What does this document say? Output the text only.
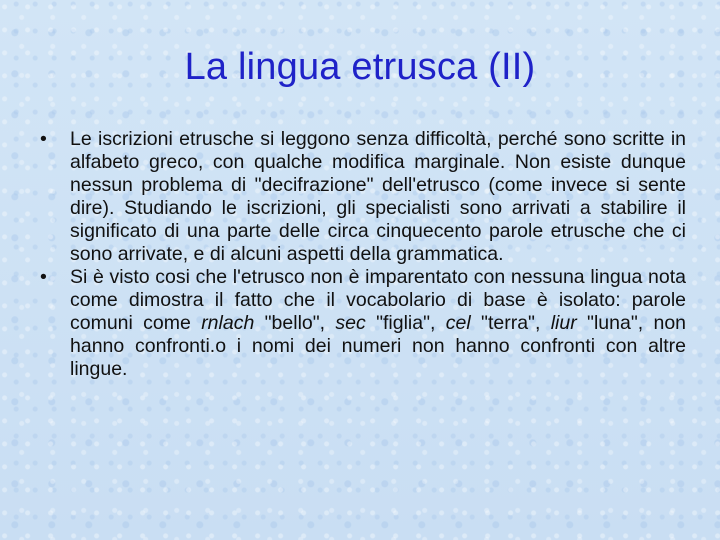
La lingua etrusca (II)

• Le iscrizioni etrusche si leggono senza difficoltà, perché sono scritte in alfabeto greco, con qualche modifica marginale. Non esiste dunque nessun problema di "decifrazione" dell'etrusco (come invece si sente dire). Studiando le iscrizioni, gli specialisti sono arrivati a stabilire il significato di una parte delle circa cinquecento parole etrusche che ci sono arrivate, e di alcuni aspetti della grammatica.

• Si è visto cosi che l'etrusco non è imparentato con nessuna lingua nota come dimostra il fatto che il vocabolario di base è isolato: parole comuni come rnlach "bello", sec "figlia", cel "terra", liur "luna", non hanno confronti.o i nomi dei numeri non hanno confronti con altre lingue.
